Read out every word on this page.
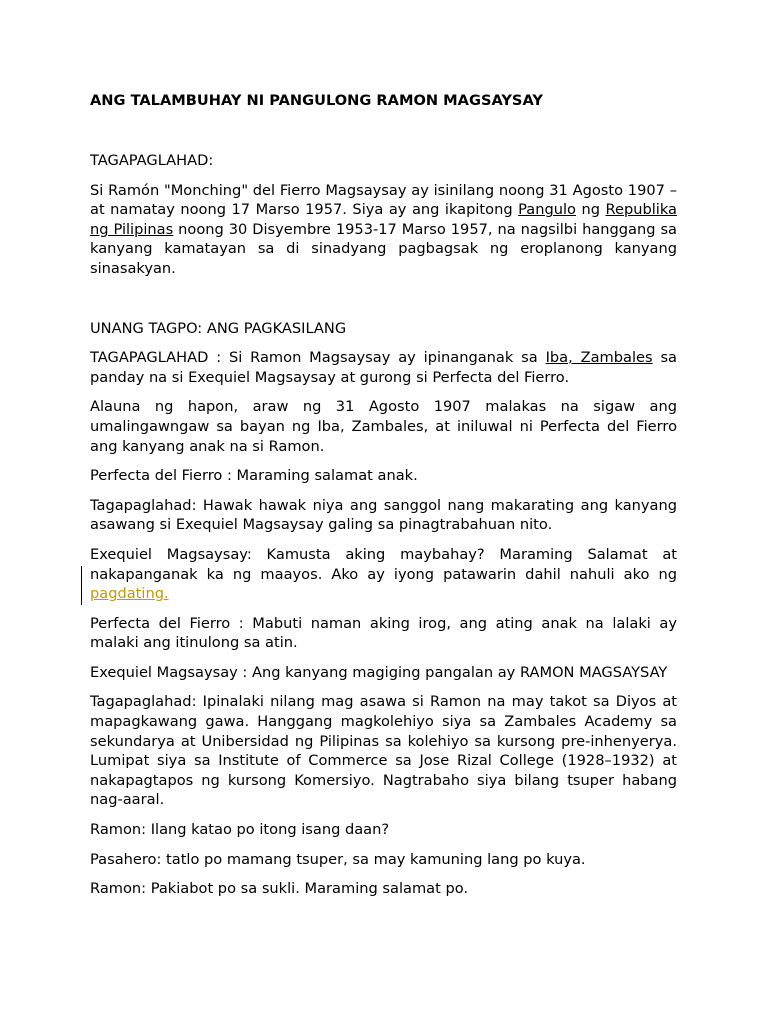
ANG TALAMBUHAY NI PANGULONG RAMON MAGSAYSAY

TAGAPAGLAHAD:

Si Ramón "Monching" del Fierro Magsaysay ay isinilang noong 31 Agosto 1907 – at namatay noong 17 Marso 1957. Siya ay ang ikapitong Pangulo ng Republika ng Pilipinas noong 30 Disyembre 1953-17 Marso 1957, na nagsilbi hanggang sa kanyang kamatayan sa di sinadyang pagbagsak ng eroplanong kanyang sinasakyan.

UNANG TAGPO: ANG PAGKASILANG

TAGAPAGLAHAD : Si Ramon Magsaysay ay ipinanganak sa Iba, Zambales sa panday na si Exequiel Magsaysay at gurong si Perfecta del Fierro.

Alauna ng hapon, araw ng 31 Agosto 1907 malakas na sigaw ang umalingawngaw sa bayan ng Iba, Zambales, at iniluwal ni Perfecta del Fierro ang kanyang anak na si Ramon.

Perfecta del Fierro : Maraming salamat anak.

Tagapaglahad: Hawak hawak niya ang sanggol nang makarating ang kanyang asawang si Exequiel Magsaysay galing sa pinagtrabahuan nito.

Exequiel Magsaysay: Kamusta aking maybahay? Maraming Salamat at nakapanganak ka ng maayos. Ako ay iyong patawarin dahil nahuli ako ng pagdating.

Perfecta del Fierro : Mabuti naman aking irog, ang ating anak na lalaki ay malaki ang itinulong sa atin.

Exequiel Magsaysay : Ang kanyang magiging pangalan ay RAMON MAGSAYSAY

Tagapaglahad: Ipinalaki nilang mag asawa si Ramon na may takot sa Diyos at mapagkawang gawa. Hanggang magkolehiyo siya sa Zambales Academy sa sekundarya at Unibersidad ng Pilipinas sa kolehiyo sa kursong pre-inhenyerya. Lumipat siya sa Institute of Commerce sa Jose Rizal College (1928–1932) at nakapagtapos ng kursong Komersiyo. Nagtrabaho siya bilang tsuper habang nag-aaral.

Ramon: Ilang katao po itong isang daan?

Pasahero: tatlo po mamang tsuper, sa may kamuning lang po kuya.

Ramon: Pakiabot po sa sukli. Maraming salamat po.
